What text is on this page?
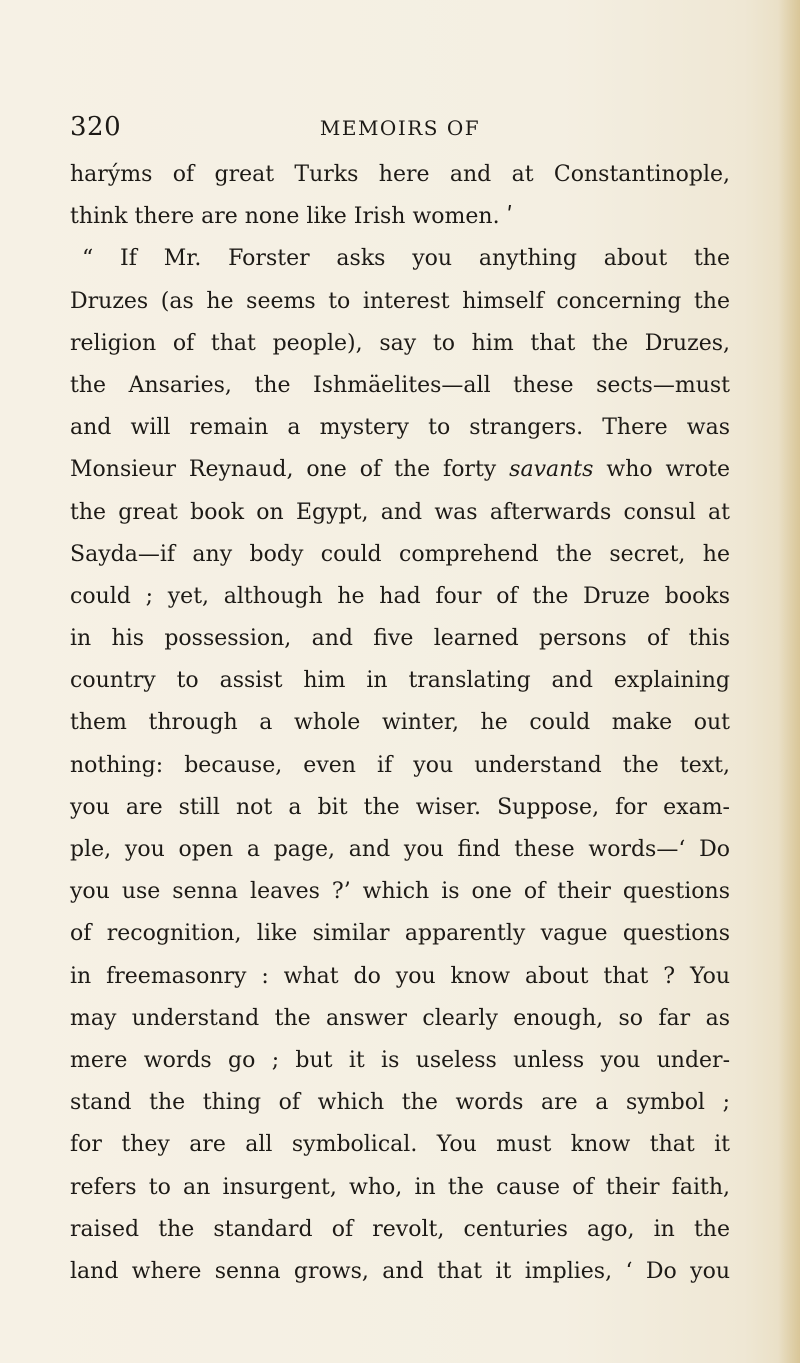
320	MEMOIRS OF
harýms of great Turks here and at Constantinople,
think there are none like Irish women. ʹ
“ If Mr. Forster asks you anything about the
Druzes (as he seems to interest himself concerning the
religion of that people), say to him that the Druzes,
the Ansaries, the Ishmäelites—all these sects—must
and will remain a mystery to strangers. There was
Monsieur Reynaud, one of the forty savants who wrote
the great book on Egypt, and was afterwards consul at
Sayda—if any body could comprehend the secret, he
could ; yet, although he had four of the Druze books
in his possession, and five learned persons of this
country to assist him in translating and explaining
them through a whole winter, he could make out
nothing: because, even if you understand the text,
you are still not a bit the wiser. Suppose, for exam-
ple, you open a page, and you find these words—‘ Do
you use senna leaves ?’ which is one of their questions
of recognition, like similar apparently vague questions
in freemasonry : what do you know about that ? You
may understand the answer clearly enough, so far as
mere words go ; but it is useless unless you under-
stand the thing of which the words are a symbol ;
for they are all symbolical. You must know that it
refers to an insurgent, who, in the cause of their faith,
raised the standard of revolt, centuries ago, in the
land where senna grows, and that it implies, ‘ Do you
